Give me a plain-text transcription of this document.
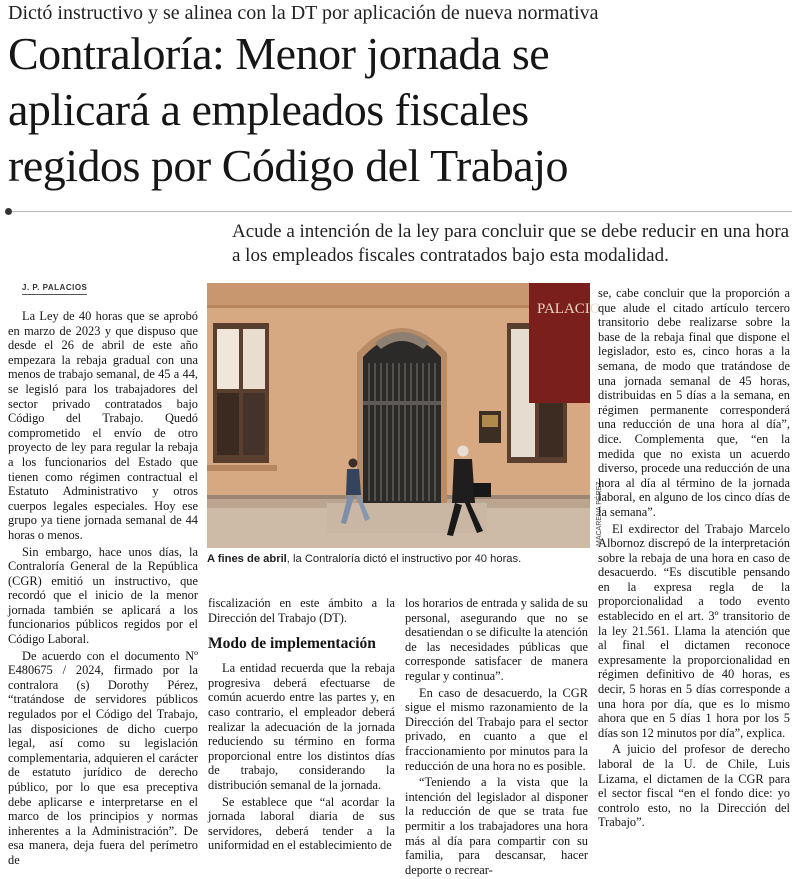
Dictó instructivo y se alinea con la DT por aplicación de nueva normativa
Contraloría: Menor jornada se
aplicará a empleados fiscales
regidos por Código del Trabajo
Acude a intención de la ley para concluir que se debe reducir en una hora a los empleados fiscales contratados bajo esta modalidad.
J. P. PALACIOS

La Ley de 40 horas que se aprobó en marzo de 2023 y que dispuso que desde el 26 de abril de este año empezara la rebaja gradual con una menos de trabajo semanal, de 45 a 44, se legisló para los trabajadores del sector privado contratados bajo Código del Trabajo. Quedó comprometido el envío de otro proyecto de ley para regular la rebaja a los funcionarios del Estado que tienen como régimen contractual el Estatuto Administrativo y otros cuerpos legales especiales. Hoy ese grupo ya tiene jornada semanal de 44 horas o menos.

Sin embargo, hace unos días, la Contraloría General de la República (CGR) emitió un instructivo, que recordó que el inicio de la menor jornada también se aplicará a los funcionarios públicos regidos por el Código Laboral.

De acuerdo con el documento Nº E480675 / 2024, firmado por la contralora (s) Dorothy Pérez, “tratándose de servidores públicos regulados por el Código del Trabajo, las disposiciones de dicho cuerpo legal, así como su legislación complementaria, adquieren el carácter de estatuto jurídico de derecho público, por lo que esa preceptiva debe aplicarse e interpretarse en el marco de los principios y normas inherentes a la Administración”. De esa manera, deja fuera del perímetro de

PALACIO
A fines de abril, la Contraloría dictó el instructivo por 40 horas.
MACARENA PÉREZ

fiscalización en este ámbito a la Dirección del Trabajo (DT).

Modo de implementación

La entidad recuerda que la rebaja progresiva deberá efectuarse de común acuerdo entre las partes y, en caso contrario, el empleador deberá realizar la adecuación de la jornada reduciendo su término en forma proporcional entre los distintos días de trabajo, considerando la distribución semanal de la jornada.

Se establece que “al acordar la jornada laboral diaria de sus servidores, deberá tender a la uniformidad en el establecimiento de

los horarios de entrada y salida de su personal, asegurando que no se desatiendan o se dificulte la atención de las necesidades públicas que corresponde satisfacer de manera regular y continua”.

En caso de desacuerdo, la CGR sigue el mismo razonamiento de la Dirección del Trabajo para el sector privado, en cuanto a que el fraccionamiento por minutos para la reducción de una hora no es posible.

“Teniendo a la vista que la intención del legislador al disponer la reducción de que se trata fue permitir a los trabajadores una hora más al día para compartir con su familia, para descansar, hacer deporte o recrear-

se, cabe concluir que la proporción a que alude el citado artículo tercero transitorio debe realizarse sobre la base de la rebaja final que dispone el legislador, esto es, cinco horas a la semana, de modo que tratándose de una jornada semanal de 45 horas, distribuidas en 5 días a la semana, en régimen permanente corresponderá una reducción de una hora al día”, dice. Complementa que, “en la medida que no exista un acuerdo diverso, procede una reducción de una hora al día al término de la jornada laboral, en alguno de los cinco días de la semana”.

El exdirector del Trabajo Marcelo Albornoz discrepó de la interpretación sobre la rebaja de una hora en caso de desacuerdo. “Es discutible pensando en la expresa regla de la proporcionalidad a todo evento establecido en el art. 3º transitorio de la ley 21.561. Llama la atención que al final el dictamen reconoce expresamente la proporcionalidad en régimen definitivo de 40 horas, es decir, 5 horas en 5 días corresponde a una hora por día, que es lo mismo ahora que en 5 días 1 hora por los 5 días son 12 minutos por día”, explica.

A juicio del profesor de derecho laboral de la U. de Chile, Luis Lizama, el dictamen de la CGR para el sector fiscal “en el fondo dice: yo controlo esto, no la Dirección del Trabajo”.
